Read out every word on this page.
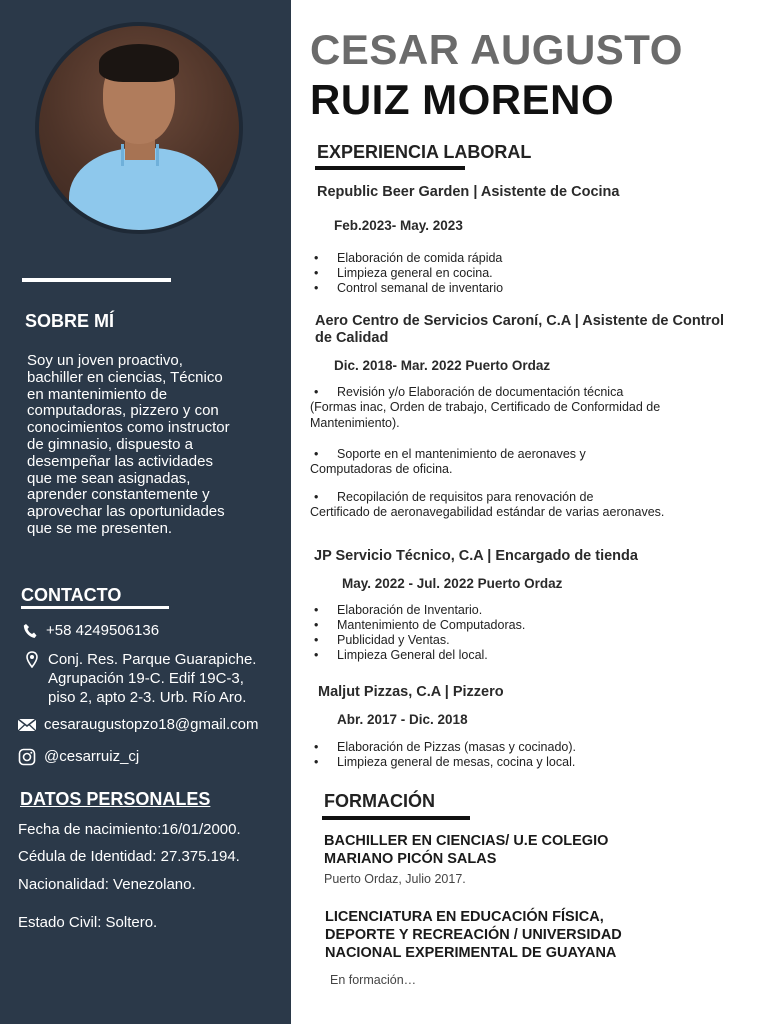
SOBRE MÍ
Soy un joven proactivo, bachiller en ciencias, Técnico en mantenimiento de computadoras, pizzero y con conocimientos como instructor de gimnasio, dispuesto a desempeñar las actividades que me sean asignadas, aprender constantemente y aprovechar las oportunidades que se me presenten.
CONTACTO
+58 4249506136
Conj. Res. Parque Guarapiche.
Agrupación 19-C. Edif 19C-3,
piso 2, apto 2-3. Urb. Río Aro.
cesaraugustopzo18@gmail.com
@cesarruiz_cj
DATOS PERSONALES
Fecha de nacimiento:16/01/2000.
Cédula de Identidad: 27.375.194.
Nacionalidad: Venezolano.
Estado Civil: Soltero.
CESAR AUGUSTO
RUIZ MORENO
EXPERIENCIA LABORAL
Republic Beer Garden | Asistente de Cocina
Feb.2023- May. 2023
• Elaboración de comida rápida
• Limpieza general en cocina.
• Control semanal de inventario
Aero Centro de Servicios Caroní, C.A | Asistente de Control de Calidad
Dic. 2018- Mar. 2022 Puerto Ordaz
• Revisión y/o Elaboración de documentación técnica
(Formas inac, Orden de trabajo, Certificado de Conformidad de
Mantenimiento).
• Soporte en el mantenimiento de aeronaves y
Computadoras de oficina.
• Recopilación de requisitos para renovación de
Certificado de aeronavegabilidad estándar de varias aeronaves.
JP Servicio Técnico, C.A | Encargado de tienda
May. 2022 - Jul. 2022 Puerto Ordaz
• Elaboración de Inventario.
• Mantenimiento de Computadoras.
• Publicidad y Ventas.
• Limpieza General del local.
Maljut Pizzas, C.A | Pizzero
Abr. 2017 - Dic. 2018
• Elaboración de Pizzas (masas y cocinado).
• Limpieza general de mesas, cocina y local.
FORMACIÓN
BACHILLER EN CIENCIAS/ U.E COLEGIO MARIANO PICÓN SALAS
Puerto Ordaz, Julio 2017.
LICENCIATURA EN EDUCACIÓN FÍSICA, DEPORTE Y RECREACIÓN / UNIVERSIDAD NACIONAL EXPERIMENTAL DE GUAYANA
En formación…
